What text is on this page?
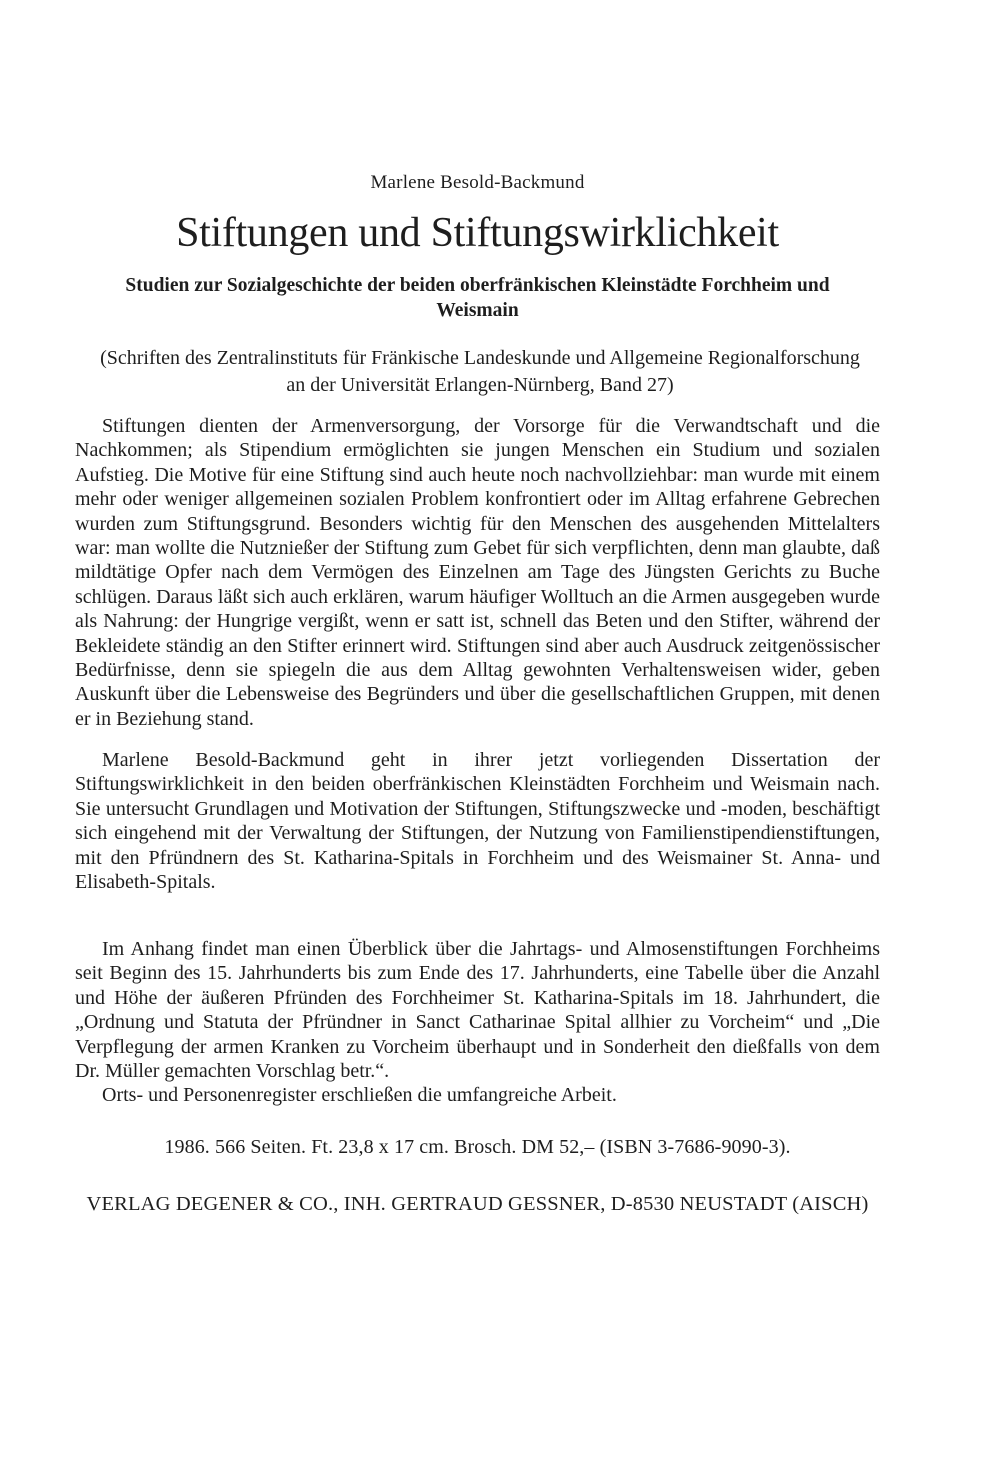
Marlene Besold-Backmund
Stiftungen und Stiftungswirklichkeit
Studien zur Sozialgeschichte der beiden oberfränkischen Kleinstädte Forchheim und Weismain
(Schriften des Zentralinstituts für Fränkische Landeskunde und Allgemeine Regionalforschung an der Universität Erlangen-Nürnberg, Band 27)

Stiftungen dienten der Armenversorgung, der Vorsorge für die Verwandtschaft und die Nachkommen; als Stipendium ermöglichten sie jungen Menschen ein Studium und sozialen Aufstieg. Die Motive für eine Stiftung sind auch heute noch nachvollziehbar: man wurde mit einem mehr oder weniger allgemeinen sozialen Problem konfrontiert oder im Alltag erfahrene Gebrechen wurden zum Stiftungsgrund. Besonders wichtig für den Menschen des ausgehenden Mittelalters war: man wollte die Nutznießer der Stiftung zum Gebet für sich verpflichten, denn man glaubte, daß mildtätige Opfer nach dem Vermögen des Einzelnen am Tage des Jüngsten Gerichts zu Buche schlügen. Daraus läßt sich auch erklären, warum häufiger Wolltuch an die Armen ausgegeben wurde als Nahrung: der Hungrige vergißt, wenn er satt ist, schnell das Beten und den Stifter, während der Bekleidete ständig an den Stifter erinnert wird. Stiftungen sind aber auch Ausdruck zeitgenössischer Bedürfnisse, denn sie spiegeln die aus dem Alltag gewohnten Verhaltensweisen wider, geben Auskunft über die Lebensweise des Begründers und über die gesellschaftlichen Gruppen, mit denen er in Beziehung stand.

Marlene Besold-Backmund geht in ihrer jetzt vorliegenden Dissertation der Stiftungswirklichkeit in den beiden oberfränkischen Kleinstädten Forchheim und Weismain nach. Sie untersucht Grundlagen und Motivation der Stiftungen, Stiftungszwecke und -moden, beschäftigt sich eingehend mit der Verwaltung der Stiftungen, der Nutzung von Familienstipendienstiftungen, mit den Pfründnern des St. Katharina-Spitals in Forchheim und des Weismainer St. Anna- und Elisabeth-Spitals.

Im Anhang findet man einen Überblick über die Jahrtags- und Almosenstiftungen Forchheims seit Beginn des 15. Jahrhunderts bis zum Ende des 17. Jahrhunderts, eine Tabelle über die Anzahl und Höhe der äußeren Pfründen des Forchheimer St. Katharina-Spitals im 18. Jahrhundert, die „Ordnung und Statuta der Pfründner in Sanct Catharinae Spital allhier zu Vorcheim“ und „Die Verpflegung der armen Kranken zu Vorcheim überhaupt und in Sonderheit den dießfalls von dem Dr. Müller gemachten Vorschlag betr.“.

Orts- und Personenregister erschließen die umfangreiche Arbeit.
1986. 566 Seiten. Ft. 23,8 x 17 cm. Brosch. DM 52,– (ISBN 3-7686-9090-3).
VERLAG DEGENER & CO., INH. GERTRAUD GESSNER, D-8530 NEUSTADT (AISCH)
